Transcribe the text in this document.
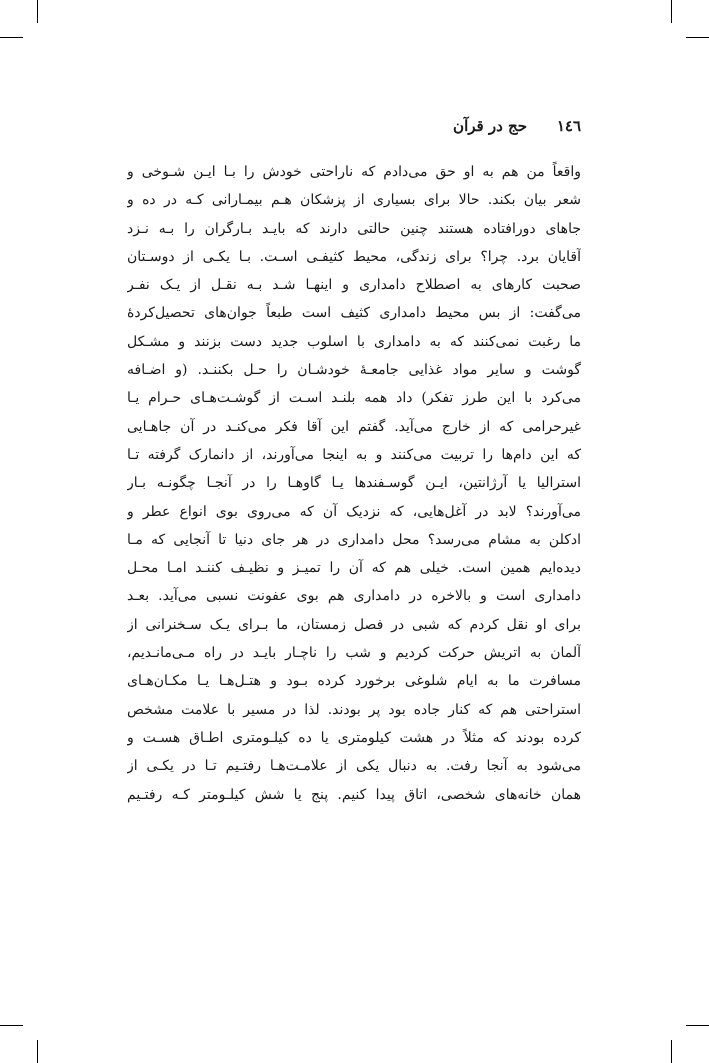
١٤٦
حج در قرآن
واقعاً من هم به او حق می‌دادم که ناراحتی خودش را بـا ایـن شـوخی و
شعر بیان بکند. حالا برای بسیاری از پزشکان هـم بیمـارانی کـه در ده و
جاهای دورافتاده هستند چنین حالتی دارند که بایـد بـارگران را بـه نـزد
آقایان برد. چرا؟ برای زندگی، محیط کثیفـی اسـت. بـا یکـی از دوسـتان
صحبت کارهای به اصطلاح دامداری و اینهـا شـد بـه نقـل از یـک نفـر
می‌گفت: از بس محیط دامداری کثیف است طبعاً جوان‌های تحصیل‌کردهٔ
ما رغبت نمی‌کنند که به دامداری با اسلوب جدید دست بزنند و مشـکل
گوشت و سایر مواد غذایی جامعـهٔ خودشـان را حـل بکننـد. (و اضـافه
می‌کرد با این طرز تفکر) داد همه بلنـد اسـت از گوشـت‌هـای حـرام یـا
غیرحرامی که از خارج می‌آید. گفتم این آقا فکر می‌کنـد در آن جاهـایی
که این دام‌ها را تربیت می‌کنند و به اینجا می‌آورند، از دانمارک گرفته تـا
استرالیا یا آرژانتین، ایـن گوسـفندها یـا گاوهـا را در آنجـا چگونـه بـار
می‌آورند؟ لابد در آغل‌هایی، که نزدیک آن که می‌روی بوی انواع عطر و
ادکلن به مشام می‌رسد؟ محل دامداری در هر جای دنیا تا آنجایی که مـا
دیده‌ایم همین است. خیلی هم که آن را تمیـز و نظیـف کننـد امـا محـل
دامداری است و بالاخره در دامداری هم بوی عفونت نسبی می‌آید. بعـد
برای او نقل کردم که شبی در فصل زمستان، ما بـرای یـک سـخنرانی از
آلمان به اتریش حرکت کردیم و شب را ناچـار بایـد در راه مـی‌مانـدیم،
مسافرت ما به ایام شلوغی برخورد کرده بـود و هتـل‌هـا یـا مکـان‌هـای
استراحتی هم که کنار جاده بود پر بودند. لذا در مسیر با علامت مشخص
کرده بودند که مثلاً در هشت کیلومتری یا ده کیلـومتری اطـاق هسـت و
می‌شود به آنجا رفت. به دنبال یکی از علامـت‌هـا رفتـیم تـا در یکـی از
همان خانه‌های شخصی، اتاق پیدا کنیم. پنج یا شش کیلـومتر کـه رفتـیم
